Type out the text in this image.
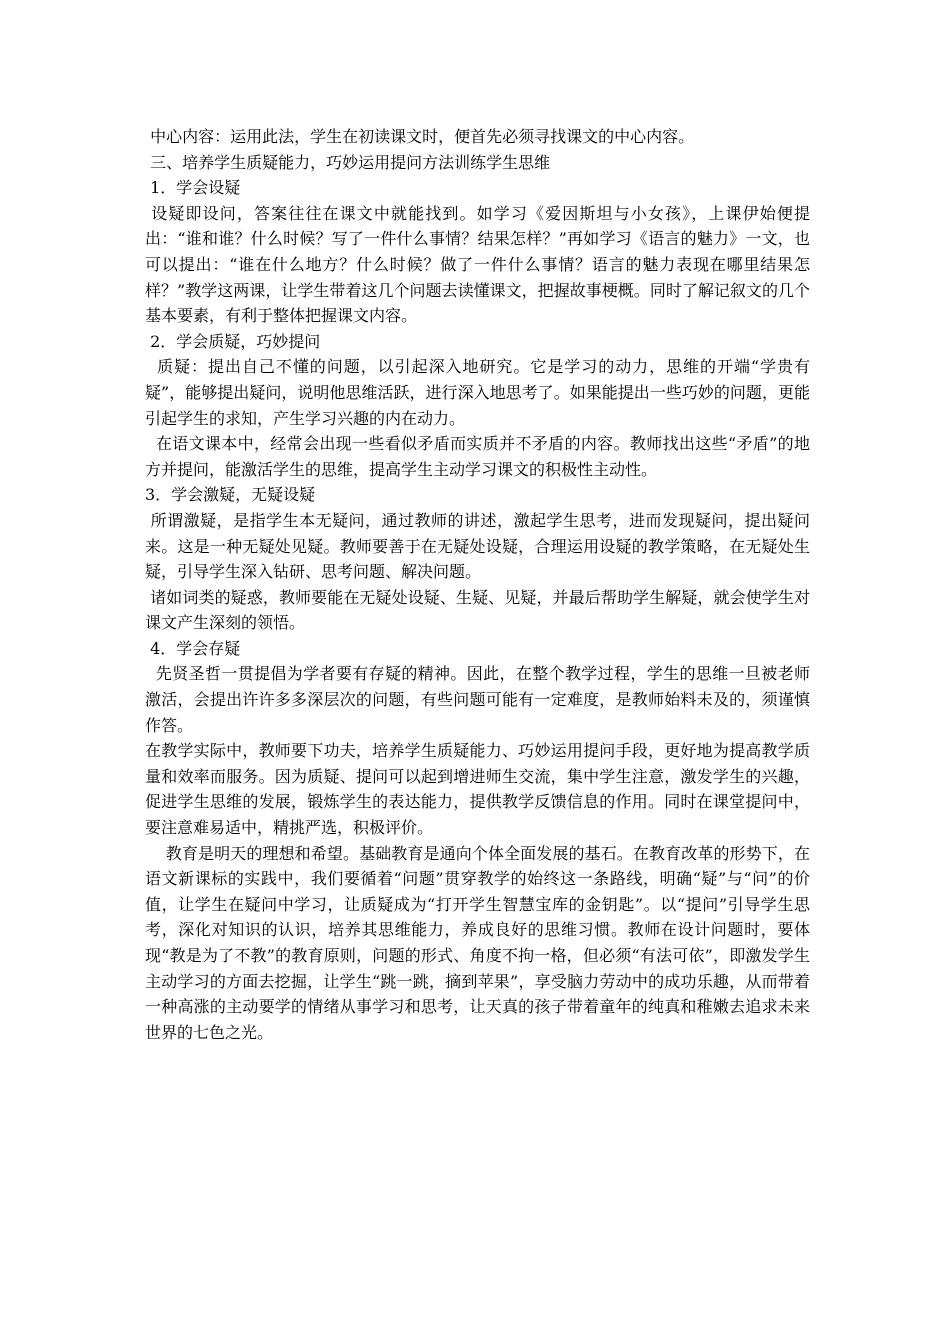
中心内容：运用此法，学生在初读课文时，便首先必须寻找课文的中心内容。

三、培养学生质疑能力，巧妙运用提问方法训练学生思维

1．学会设疑

设疑即设问，答案往往在课文中就能找到。如学习《爱因斯坦与小女孩》，上课伊始便提出：“谁和谁？什么时候？写了一件什么事情？结果怎样？”再如学习《语言的魅力》一文，也可以提出：“谁在什么地方？什么时候？做了一件什么事情？语言的魅力表现在哪里结果怎样？”教学这两课，让学生带着这几个问题去读懂课文，把握故事梗概。同时了解记叙文的几个基本要素，有利于整体把握课文内容。

2．学会质疑，巧妙提问

质疑：提出自己不懂的问题，以引起深入地研究。它是学习的动力，思维的开端“学贵有疑”，能够提出疑问，说明他思维活跃，进行深入地思考了。如果能提出一些巧妙的问题，更能引起学生的求知，产生学习兴趣的内在动力。

在语文课本中，经常会出现一些看似矛盾而实质并不矛盾的内容。教师找出这些“矛盾”的地方并提问，能激活学生的思维，提高学生主动学习课文的积极性主动性。

3．学会激疑，无疑设疑

所谓激疑，是指学生本无疑问，通过教师的讲述，激起学生思考，进而发现疑问，提出疑问来。这是一种无疑处见疑。教师要善于在无疑处设疑，合理运用设疑的教学策略，在无疑处生疑，引导学生深入钻研、思考问题、解决问题。

诸如词类的疑惑，教师要能在无疑处设疑、生疑、见疑，并最后帮助学生解疑，就会使学生对课文产生深刻的领悟。

4．学会存疑

先贤圣哲一贯提倡为学者要有存疑的精神。因此，在整个教学过程，学生的思维一旦被老师激活，会提出许许多多深层次的问题，有些问题可能有一定难度，是教师始料未及的，须谨慎作答。

在教学实际中，教师要下功夫，培养学生质疑能力、巧妙运用提问手段，更好地为提高教学质量和效率而服务。因为质疑、提问可以起到增进师生交流，集中学生注意，激发学生的兴趣，促进学生思维的发展，锻炼学生的表达能力，提供教学反馈信息的作用。同时在课堂提问中，要注意难易适中，精挑严选，积极评价。

教育是明天的理想和希望。基础教育是通向个体全面发展的基石。在教育改革的形势下，在语文新课标的实践中，我们要循着“问题”贯穿教学的始终这一条路线，明确“疑”与“问”的价值，让学生在疑问中学习，让质疑成为“打开学生智慧宝库的金钥匙”。以“提问”引导学生思考，深化对知识的认识，培养其思维能力，养成良好的思维习惯。教师在设计问题时，要体现“教是为了不教”的教育原则，问题的形式、角度不拘一格，但必须“有法可依”，即激发学生主动学习的方面去挖掘，让学生“跳一跳，摘到苹果”，享受脑力劳动中的成功乐趣，从而带着一种高涨的主动要学的情绪从事学习和思考，让天真的孩子带着童年的纯真和稚嫩去追求未来世界的七色之光。
